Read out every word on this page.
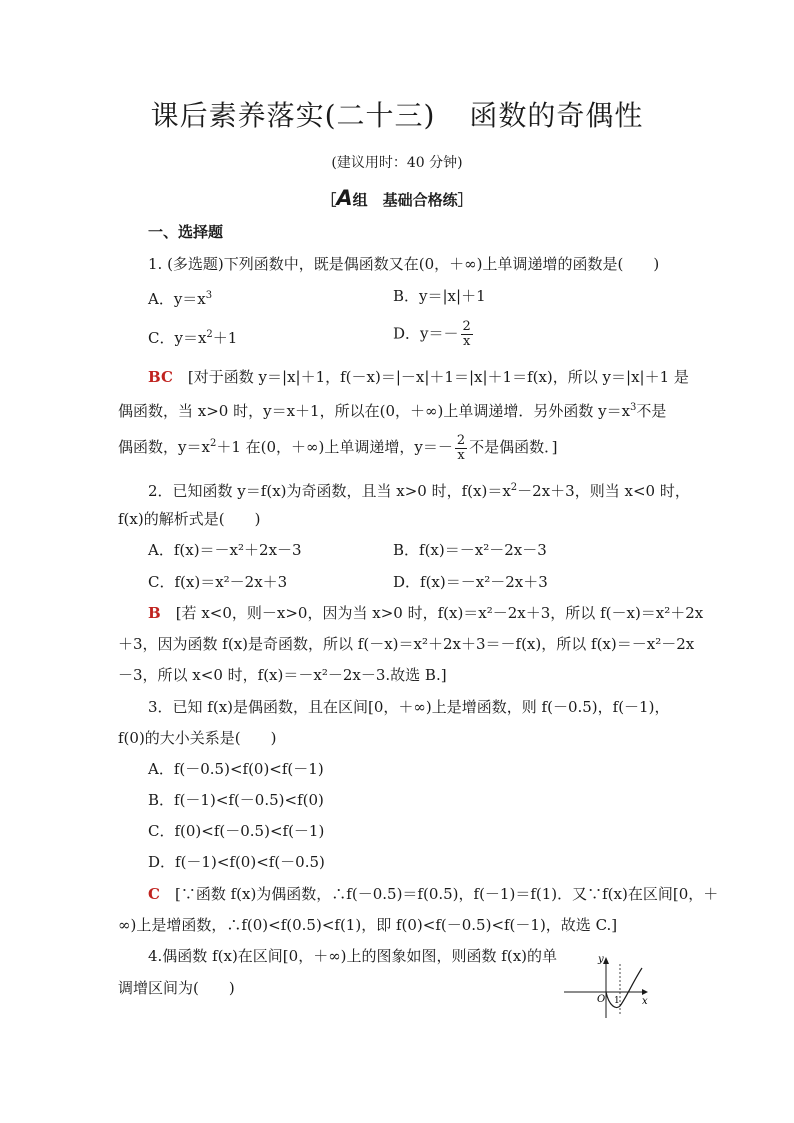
课后素养落实(二十三) 函数的奇偶性
(建议用时：40 分钟)
［A组　基础合格练］
一、选择题
1. (多选题)下列函数中，既是偶函数又在(0，＋∞)上单调递增的函数是(　　)
A．$y=x^3$	B．y＝|x|＋1
C．$y=x^2+1$	D．$y=- \frac{2}{x}$
BC　 [对于函数 y＝|x|＋1，f(－x)＝|－x|＋1＝|x|＋1＝f(x)，所以 y＝|x|＋1 是
偶函数，当 x>0 时，y＝x＋1，所以在(0，＋∞)上单调递增．另外函数 $y=x^3$不是
偶函数，$y=x^2+1$ 在(0，＋∞)上单调递增，$y=- \frac{2}{x}$ 不是偶函数．]
2．已知函数 y＝f(x)为奇函数，且当 x>0 时，$f(x)=x^2-2x+3$，则当 x<0 时，
f(x)的解析式是(　　)
A．f(x)＝－x²＋2x－3	B．f(x)＝－x²－2x－3
C．f(x)＝x²－2x＋3	D．f(x)＝－x²－2x＋3
B　 [若 x<0，则－x>0，因为当 x>0 时，f(x)＝x²－2x＋3，所以 f(－x)＝x²＋2x
＋3，因为函数 f(x)是奇函数，所以 f(－x)＝x²＋2x＋3＝－f(x)，所以 f(x)＝－x²－2x
－3，所以 x<0 时，f(x)＝－x²－2x－3.故选 B.]
3．已知 f(x)是偶函数，且在区间[0，＋∞)上是增函数，则 f(－0.5)，f(－1)，
f(0)的大小关系是(　　)
A．f(－0.5)<f(0)<f(－1)
B．f(－1)<f(－0.5)<f(0)
C．f(0)<f(－0.5)<f(－1)
D．f(－1)<f(0)<f(－0.5)
C　 [∵函数 f(x)为偶函数，∴f(－0.5)＝f(0.5)，f(－1)＝f(1)．又∵f(x)在区间[0，＋
∞)上是增函数，∴f(0)<f(0.5)<f(1)，即 f(0)<f(－0.5)<f(－1)，故选 C.]
4.偶函数 f(x)在区间[0，＋∞)上的图象如图，则函数 f(x)的单
调增区间为(　　)
y
x
O 1
